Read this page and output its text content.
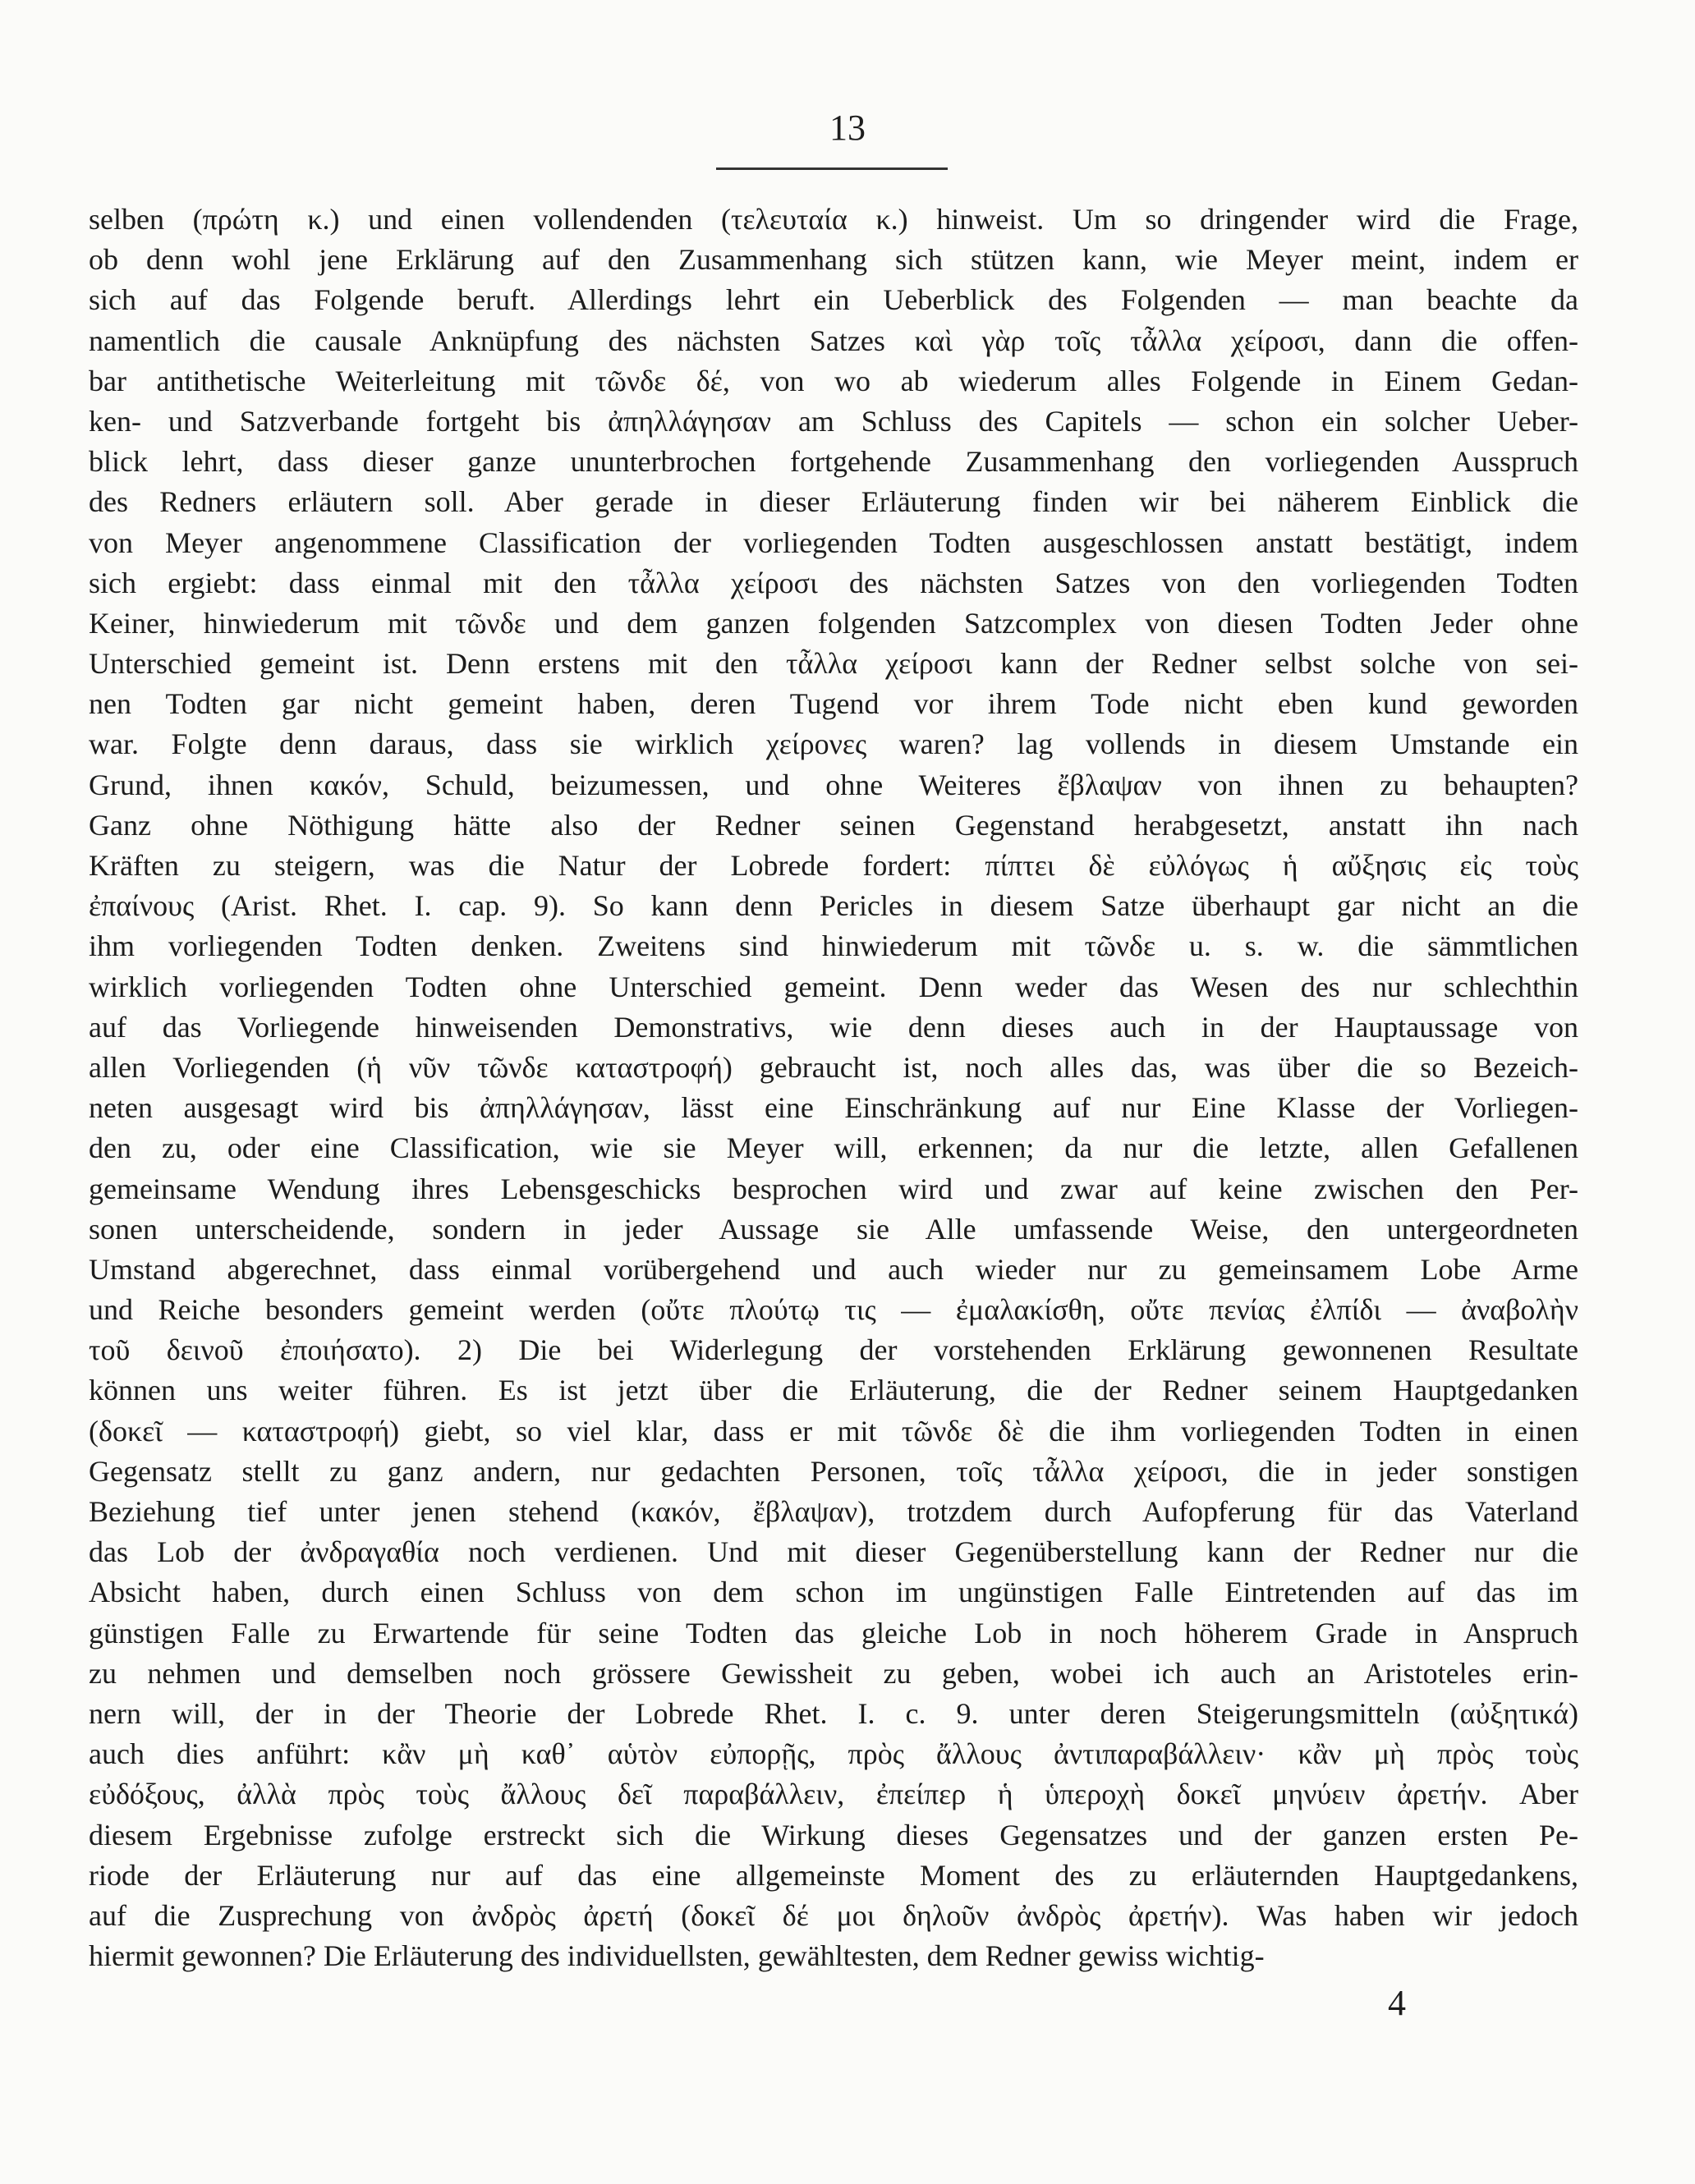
13
selben (πρώτη κ.) und einen vollendenden (τελευταία κ.) hinweist. Um so dringender wird die Frage,
ob denn wohl jene Erklärung auf den Zusammenhang sich stützen kann, wie Meyer meint, indem er
sich auf das Folgende beruft. Allerdings lehrt ein Ueberblick des Folgenden — man beachte da
namentlich die causale Anknüpfung des nächsten Satzes καὶ γὰρ τοῖς τἆλλα χείροσι, dann die offen-
bar antithetische Weiterleitung mit τῶνδε δέ, von wo ab wiederum alles Folgende in Einem Gedan-
ken- und Satzverbande fortgeht bis ἀπηλλάγησαν am Schluss des Capitels — schon ein solcher Ueber-
blick lehrt, dass dieser ganze ununterbrochen fortgehende Zusammenhang den vorliegenden Ausspruch
des Redners erläutern soll. Aber gerade in dieser Erläuterung finden wir bei näherem Einblick die
von Meyer angenommene Classification der vorliegenden Todten ausgeschlossen anstatt bestätigt, indem
sich ergiebt: dass einmal mit den τἆλλα χείροσι des nächsten Satzes von den vorliegenden Todten
Keiner, hinwiederum mit τῶνδε und dem ganzen folgenden Satzcomplex von diesen Todten Jeder ohne
Unterschied gemeint ist. Denn erstens mit den τἆλλα χείροσι kann der Redner selbst solche von sei-
nen Todten gar nicht gemeint haben, deren Tugend vor ihrem Tode nicht eben kund geworden
war. Folgte denn daraus, dass sie wirklich χείρονες waren? lag vollends in diesem Umstande ein
Grund, ihnen κακόν, Schuld, beizumessen, und ohne Weiteres ἔβλαψαν von ihnen zu behaupten?
Ganz ohne Nöthigung hätte also der Redner seinen Gegenstand herabgesetzt, anstatt ihn nach
Kräften zu steigern, was die Natur der Lobrede fordert: πίπτει δὲ εὐλόγως ἡ αὔξησις εἰς τοὺς
ἐπαίνους (Arist. Rhet. I. cap. 9). So kann denn Pericles in diesem Satze überhaupt gar nicht an die
ihm vorliegenden Todten denken. Zweitens sind hinwiederum mit τῶνδε u. s. w. die sämmtlichen
wirklich vorliegenden Todten ohne Unterschied gemeint. Denn weder das Wesen des nur schlechthin
auf das Vorliegende hinweisenden Demonstrativs, wie denn dieses auch in der Hauptaussage von
allen Vorliegenden (ἡ νῦν τῶνδε καταστροφή) gebraucht ist, noch alles das, was über die so Bezeich-
neten ausgesagt wird bis ἀπηλλάγησαν, lässt eine Einschränkung auf nur Eine Klasse der Vorliegen-
den zu, oder eine Classification, wie sie Meyer will, erkennen; da nur die letzte, allen Gefallenen
gemeinsame Wendung ihres Lebensgeschicks besprochen wird und zwar auf keine zwischen den Per-
sonen unterscheidende, sondern in jeder Aussage sie Alle umfassende Weise, den untergeordneten
Umstand abgerechnet, dass einmal vorübergehend und auch wieder nur zu gemeinsamem Lobe Arme
und Reiche besonders gemeint werden (οὔτε πλούτῳ τις — ἐμαλακίσθη, οὔτε πενίας ἐλπίδι — ἀναβολὴν
τοῦ δεινοῦ ἐποιήσατο). 2) Die bei Widerlegung der vorstehenden Erklärung gewonnenen Resultate
können uns weiter führen. Es ist jetzt über die Erläuterung, die der Redner seinem Hauptgedanken
(δοκεῖ — καταστροφή) giebt, so viel klar, dass er mit τῶνδε δὲ die ihm vorliegenden Todten in einen
Gegensatz stellt zu ganz andern, nur gedachten Personen, τοῖς τἆλλα χείροσι, die in jeder sonstigen
Beziehung tief unter jenen stehend (κακόν, ἔβλαψαν), trotzdem durch Aufopferung für das Vaterland
das Lob der ἀνδραγαθία noch verdienen. Und mit dieser Gegenüberstellung kann der Redner nur die
Absicht haben, durch einen Schluss von dem schon im ungünstigen Falle Eintretenden auf das im
günstigen Falle zu Erwartende für seine Todten das gleiche Lob in noch höherem Grade in Anspruch
zu nehmen und demselben noch grössere Gewissheit zu geben, wobei ich auch an Aristoteles erin-
nern will, der in der Theorie der Lobrede Rhet. I. c. 9. unter deren Steigerungsmitteln (αὐξητικά)
auch dies anführt: κἂν μὴ καθ᾽ αὑτὸν εὐπορῇς, πρὸς ἄλλους ἀντιπαραβάλλειν· κἂν μὴ πρὸς τοὺς
εὐδόξους, ἀλλὰ πρὸς τοὺς ἄλλους δεῖ παραβάλλειν, ἐπείπερ ἡ ὑπεροχὴ δοκεῖ μηνύειν ἀρετήν. Aber
diesem Ergebnisse zufolge erstreckt sich die Wirkung dieses Gegensatzes und der ganzen ersten Pe-
riode der Erläuterung nur auf das eine allgemeinste Moment des zu erläuternden Hauptgedankens,
auf die Zusprechung von ἀνδρὸς ἀρετή (δοκεῖ δέ μοι δηλοῦν ἀνδρὸς ἀρετήν). Was haben wir jedoch
hiermit gewonnen? Die Erläuterung des individuellsten, gewähltesten, dem Redner gewiss wichtig-
4
